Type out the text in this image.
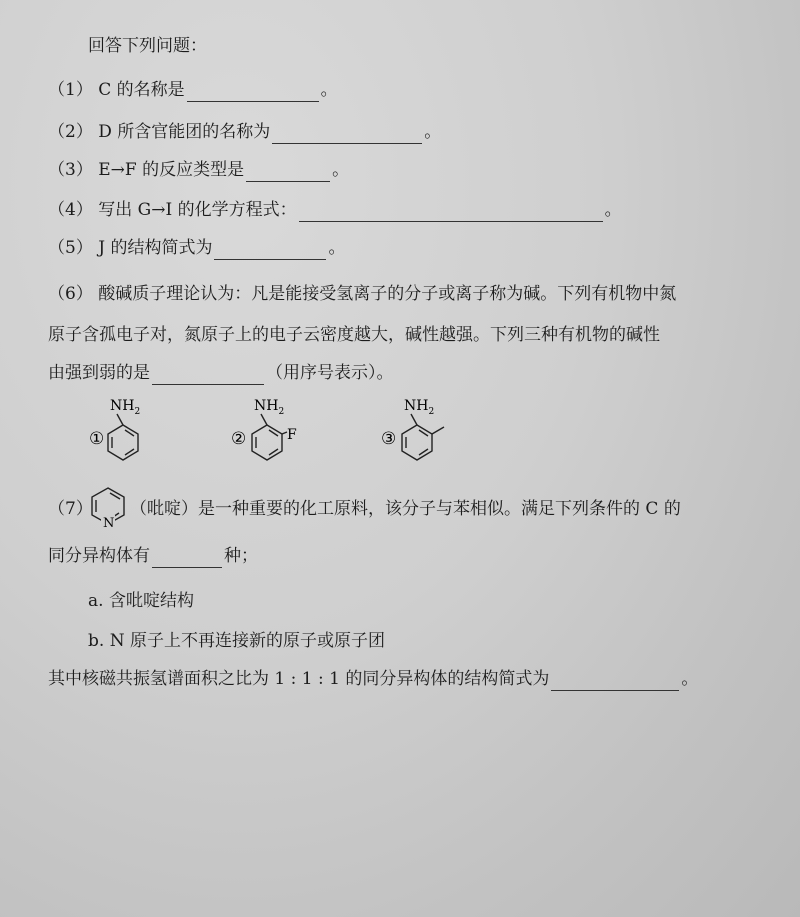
回答下列问题：
（1） C 的名称是	。
（2） D 所含官能团的名称为	。
（3） E→F 的反应类型是	。
（4） 写出 G→I 的化学方程式：	。
（5） J 的结构简式为	。
（6） 酸碱质子理论认为：凡是能接受氢离子的分子或离子称为碱。下列有机物中氮
原子含孤电子对，氮原子上的电子云密度越大，碱性越强。下列三种有机物的碱性
由强到弱的是	（用序号表示）。
①
$NH_2$
②
$NH_2$
F	③
$NH_2$
（7）
N
（吡啶）是一种重要的化工原料，该分子与苯相似。满足下列条件的 C 的
同分异构体有	种；
a. 含吡啶结构
b. N 原子上不再连接新的原子或原子团
其中核磁共振氢谱面积之比为 1 : 1 : 1 的同分异构体的结构简式为	。
